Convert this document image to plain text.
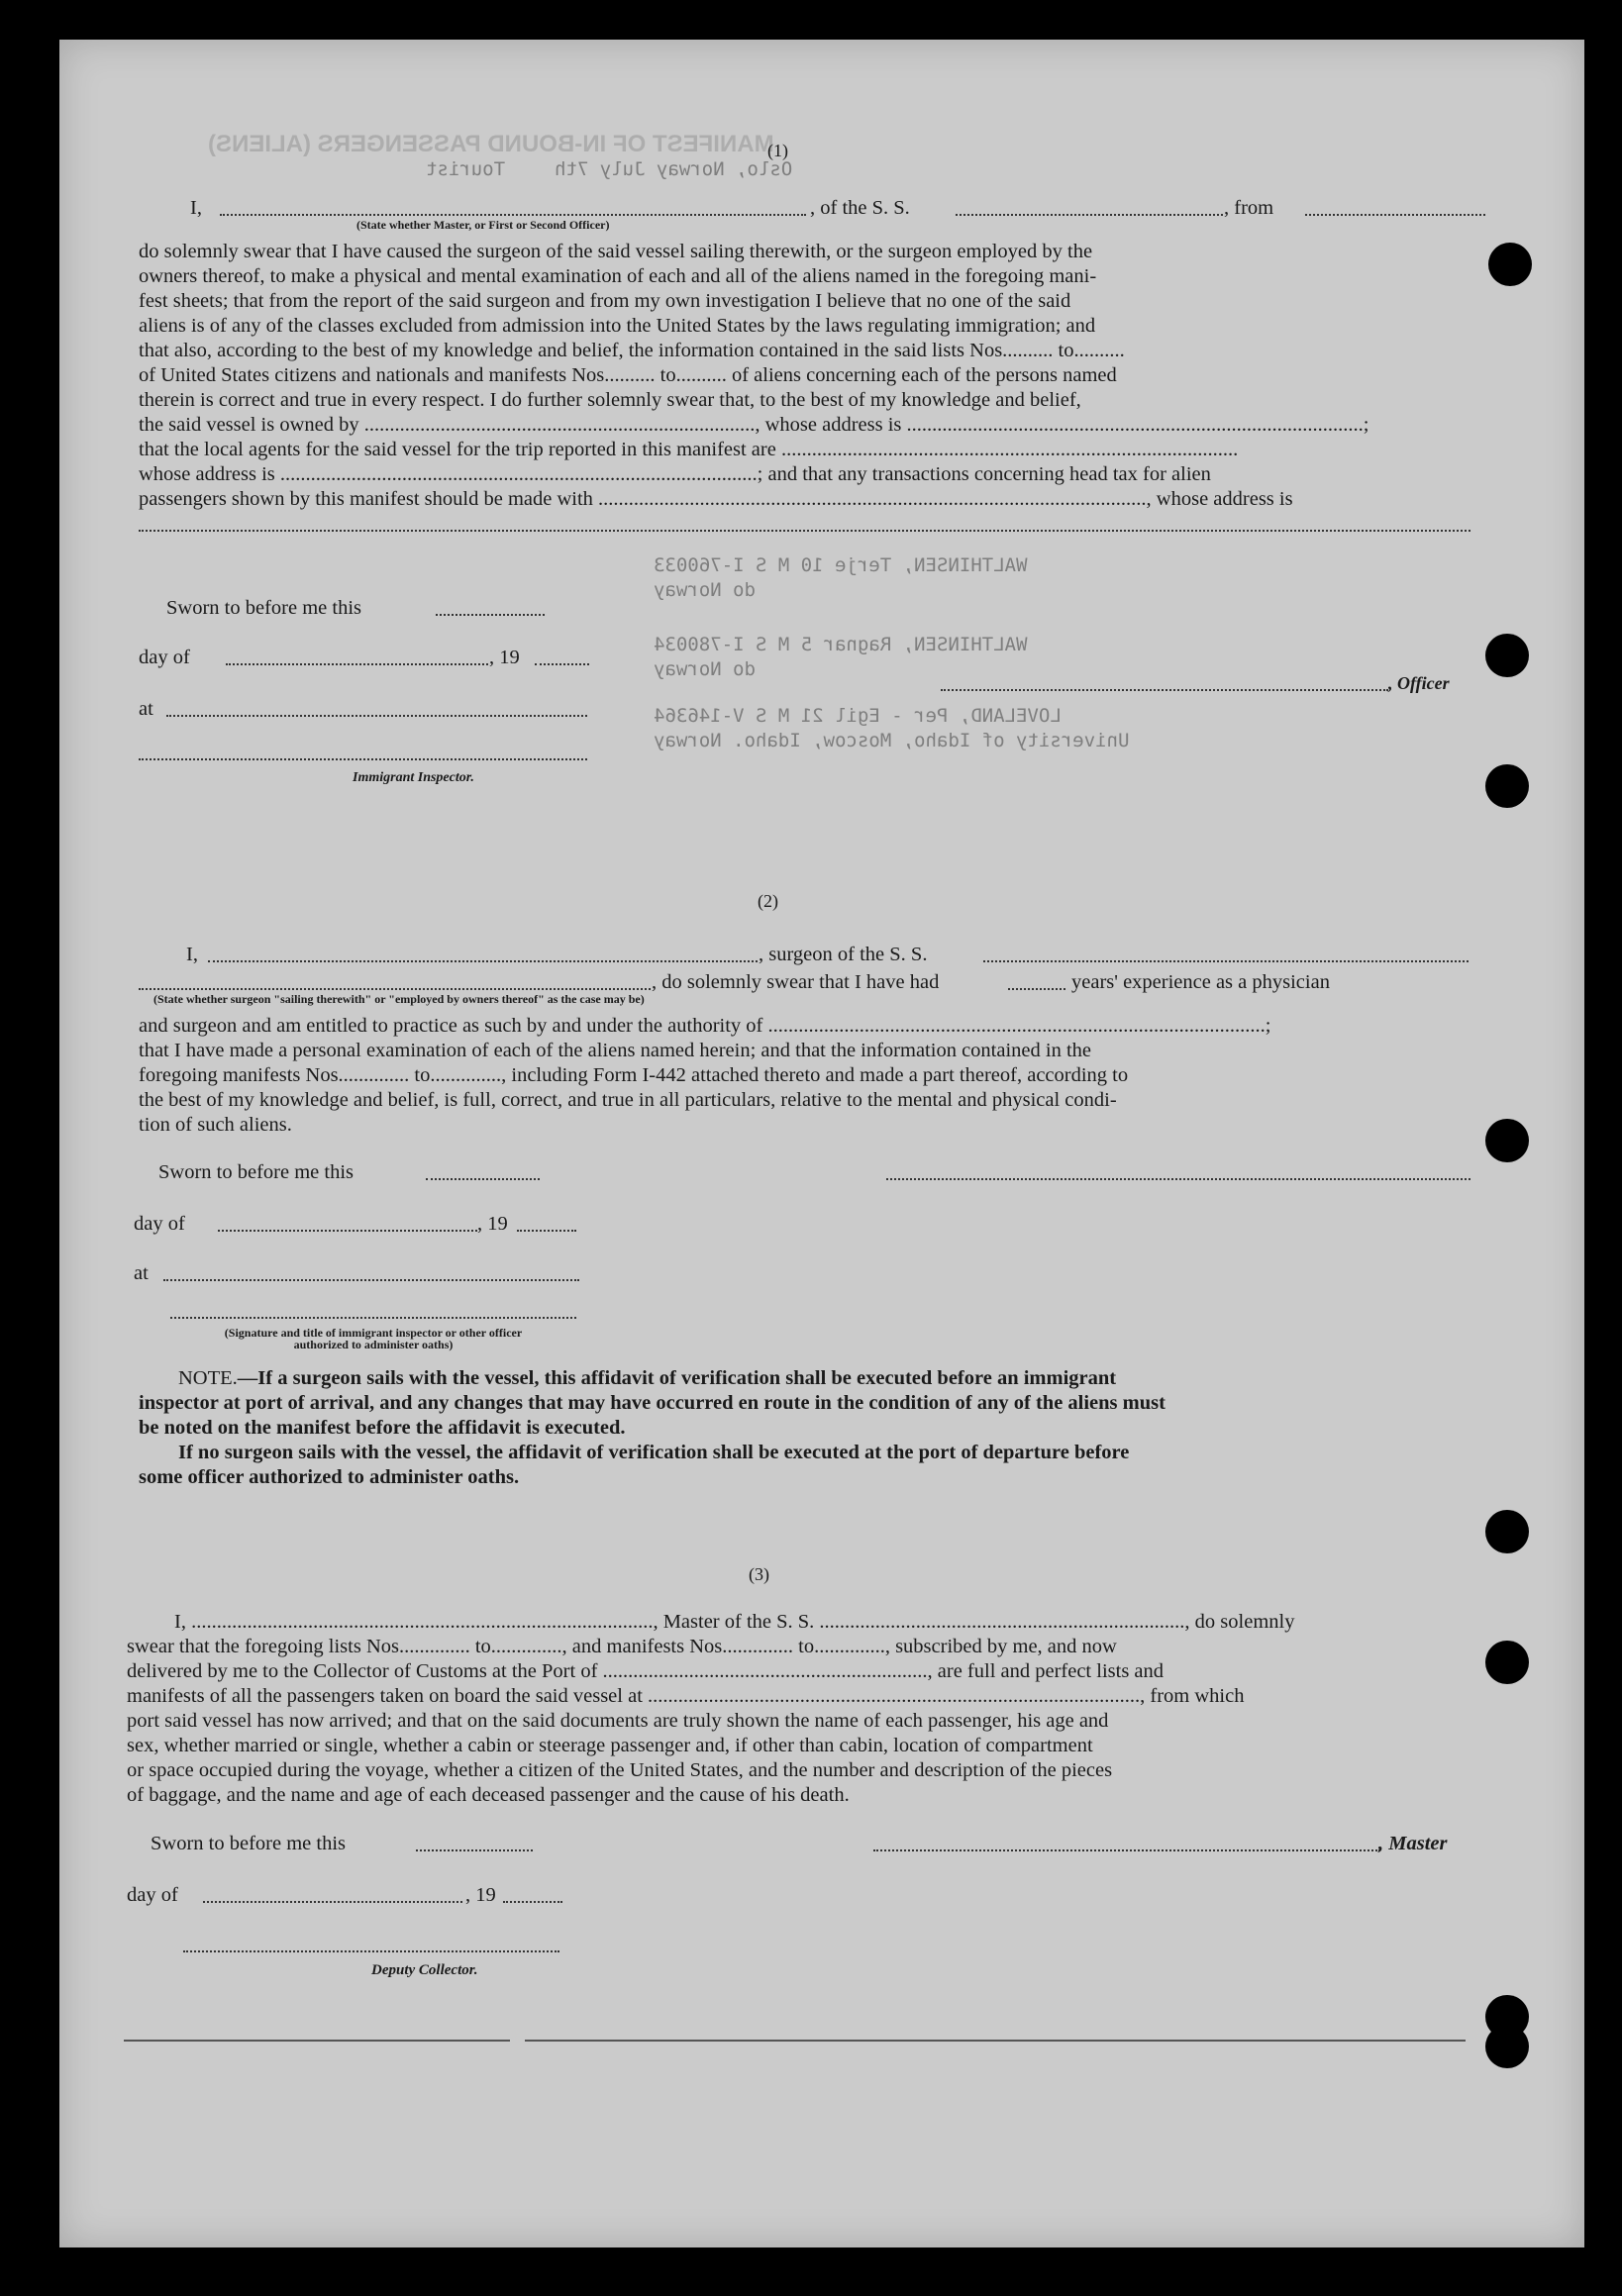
MANIFEST OF IN-BOUND PASSENGERS (ALIENS)
Oslo, Norway July 7th
Tourist
WALTHINSEN, Terje 10 M S I-760033
do Norway
WALTHINSEN, Ragnar 5 M S I-780034
do Norway
LOVELAND, Per - Egil 21 M S V-146364
University of Idaho, Moscow, Idaho. Norway
(1)
I,	, of the S. S.	, from
(State whether Master, or First or Second Officer)
do solemnly swear that I have caused the surgeon of the said vessel sailing therewith, or the surgeon employed by the
owners thereof, to make a physical and mental examination of each and all of the aliens named in the foregoing mani-
fest sheets; that from the report of the said surgeon and from my own investigation I believe that no one of the said
aliens is of any of the classes excluded from admission into the United States by the laws regulating immigration; and
that also, according to the best of my knowledge and belief, the information contained in the said lists Nos.......... to..........
of United States citizens and nationals and manifests Nos.......... to.......... of aliens concerning each of the persons named
therein is correct and true in every respect. I do further solemnly swear that, to the best of my knowledge and belief,
the said vessel is owned by ............................................................................., whose address is ..........................................................................................;
that the local agents for the said vessel for the trip reported in this manifest are ..........................................................................................
whose address is ..............................................................................................; and that any transactions concerning head tax for alien
passengers shown by this manifest should be made with ............................................................................................................, whose address is
Sworn to before me this
day of	, 19
at
Immigrant Inspector.
, Officer
(2)
I,	, surgeon of the S. S.
, do solemnly swear that I have had	years' experience as a physician
(State whether surgeon "sailing therewith" or "employed by owners thereof" as the case may be)
and surgeon and am entitled to practice as such by and under the authority of ..................................................................................................;
that I have made a personal examination of each of the aliens named herein; and that the information contained in the
foregoing manifests Nos.............. to.............., including Form I-442 attached thereto and made a part thereof, according to
the best of my knowledge and belief, is full, correct, and true in all particulars, relative to the mental and physical condi-
tion of such aliens.
Sworn to before me this
day of	, 19
at
(Signature and title of immigrant inspector or other officer authorized to administer oaths)
NOTE.—If a surgeon sails with the vessel, this affidavit of verification shall be executed before an immigrant
inspector at port of arrival, and any changes that may have occurred en route in the condition of any of the aliens must
be noted on the manifest before the affidavit is executed.
If no surgeon sails with the vessel, the affidavit of verification shall be executed at the port of departure before
some officer authorized to administer oaths.
(3)
I, ..........................................................................................., Master of the S. S. ........................................................................, do solemnly
swear that the foregoing lists Nos.............. to.............., and manifests Nos.............. to.............., subscribed by me, and now
delivered by me to the Collector of Customs at the Port of ................................................................, are full and perfect lists and
manifests of all the passengers taken on board the said vessel at ................................................................................................., from which
port said vessel has now arrived; and that on the said documents are truly shown the name of each passenger, his age and
sex, whether married or single, whether a cabin or steerage passenger and, if other than cabin, location of compartment
or space occupied during the voyage, whether a citizen of the United States, and the number and description of the pieces
of baggage, and the name and age of each deceased passenger and the cause of his death.
Sworn to before me this	, Master
day of	, 19
Deputy Collector.
